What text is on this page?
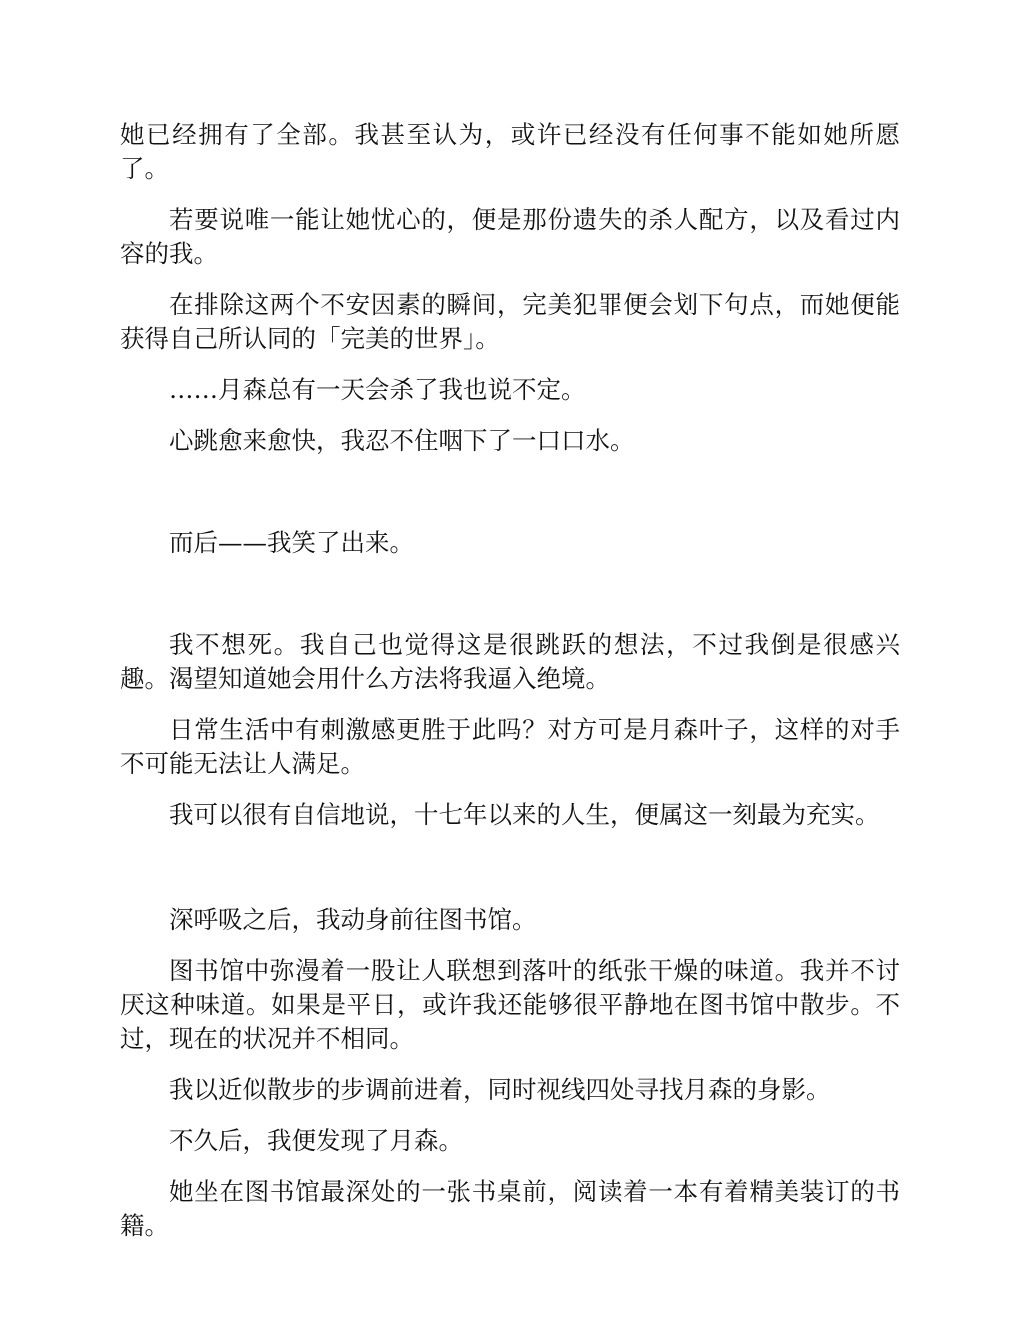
她已经拥有了全部。我甚至认为，或许已经没有任何事不能如她所愿了。

若要说唯一能让她忧心的，便是那份遗失的杀人配方，以及看过内容的我。

在排除这两个不安因素的瞬间，完美犯罪便会划下句点，而她便能获得自己所认同的「完美的世界」。

……月森总有一天会杀了我也说不定。

心跳愈来愈快，我忍不住咽下了一口口水。

而后——我笑了出来。

我不想死。我自己也觉得这是很跳跃的想法，不过我倒是很感兴趣。渴望知道她会用什么方法将我逼入绝境。

日常生活中有刺激感更胜于此吗？对方可是月森叶子，这样的对手不可能无法让人满足。

我可以很有自信地说，十七年以来的人生，便属这一刻最为充实。

深呼吸之后，我动身前往图书馆。

图书馆中弥漫着一股让人联想到落叶的纸张干燥的味道。我并不讨厌这种味道。如果是平日，或许我还能够很平静地在图书馆中散步。不过，现在的状况并不相同。

我以近似散步的步调前进着，同时视线四处寻找月森的身影。

不久后，我便发现了月森。

她坐在图书馆最深处的一张书桌前，阅读着一本有着精美装订的书籍。
